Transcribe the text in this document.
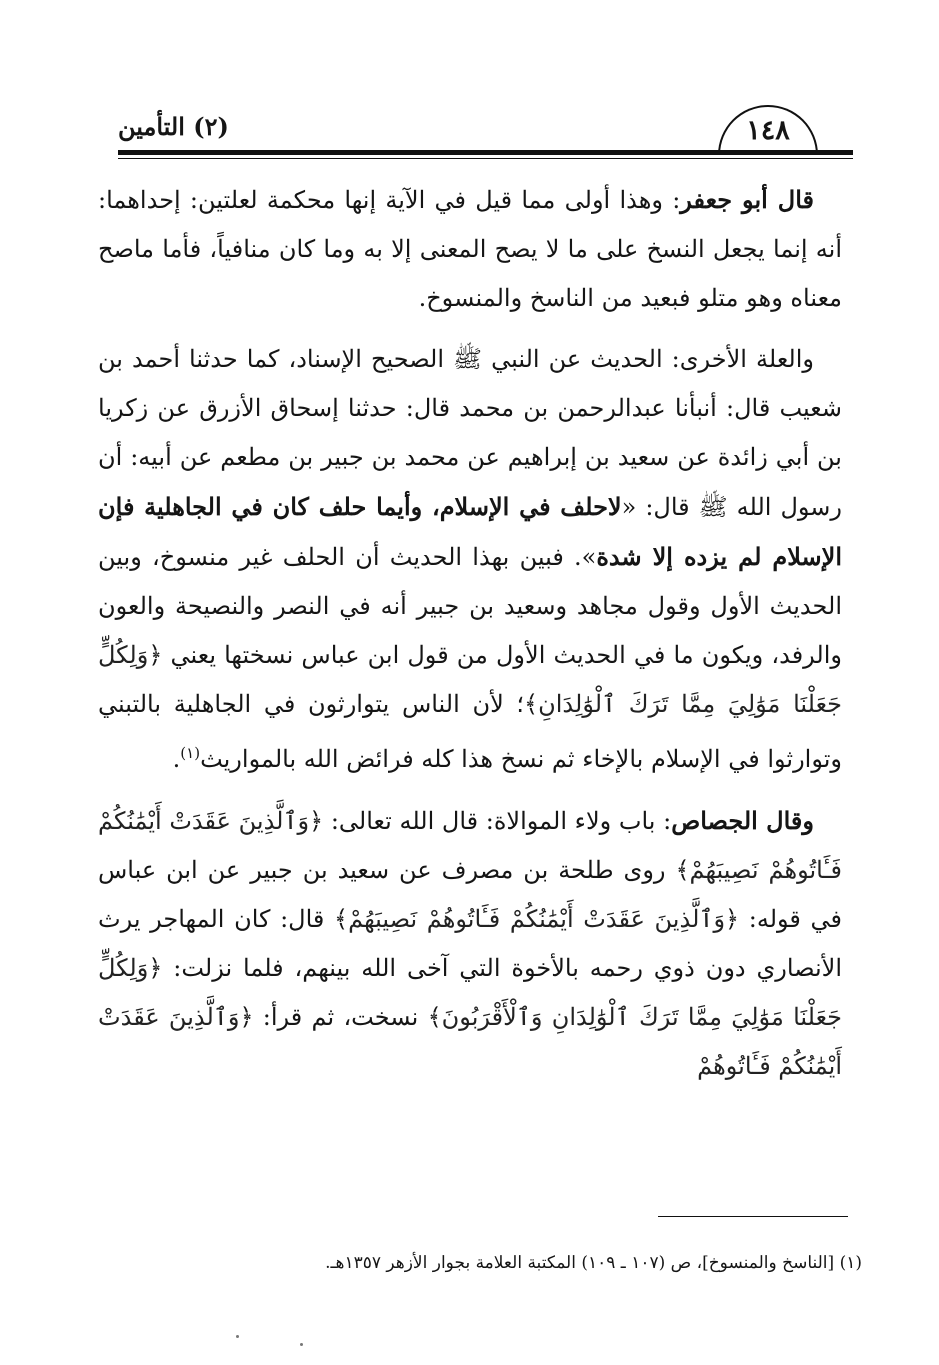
١٤٨
(٢) التأمين

قال أبو جعفر: وهذا أولى مما قيل في الآية إنها محكمة لعلتين: إحداهما: أنه إنما يجعل النسخ على ما لا يصح المعنى إلا به وما كان منافياً، فأما ماصح معناه وهو متلو فبعيد من الناسخ والمنسوخ.

والعلة الأخرى: الحديث عن النبي ﷺ الصحيح الإسناد، كما حدثنا أحمد بن شعيب قال: أنبأنا عبدالرحمن بن محمد قال: حدثنا إسحاق الأزرق عن زكريا بن أبي زائدة عن سعيد بن إبراهيم عن محمد بن جبير بن مطعم عن أبيه: أن رسول الله ﷺ قال: «لاحلف في الإسلام، وأيما حلف كان في الجاهلية فإن الإسلام لم يزده إلا شدة». فبين بهذا الحديث أن الحلف غير منسوخ، وبين الحديث الأول وقول مجاهد وسعيد بن جبير أنه في النصر والنصيحة والعون والرفد، ويكون ما في الحديث الأول من قول ابن عباس نسختها يعني ﴿وَلِكُلٍّ جَعَلْنَا مَوَٰلِيَ مِمَّا تَرَكَ ٱلْوَٰلِدَانِ﴾؛ لأن الناس يتوارثون في الجاهلية بالتبني وتوارثوا في الإسلام بالإخاء ثم نسخ هذا كله فرائض الله بالمواريث$^{(١)}$.

وقال الجصاص: باب ولاء الموالاة: قال الله تعالى: ﴿وَٱلَّذِينَ عَقَدَتْ أَيْمَٰنُكُمْ فَـَٔاتُوهُمْ نَصِيبَهُمْ﴾ روى طلحة بن مصرف عن سعيد بن جبير عن ابن عباس في قوله: ﴿وَٱلَّذِينَ عَقَدَتْ أَيْمَٰنُكُمْ فَـَٔاتُوهُمْ نَصِيبَهُمْ﴾ قال: كان المهاجر يرث الأنصاري دون ذوي رحمه بالأخوة التي آخى الله بينهم، فلما نزلت: ﴿وَلِكُلٍّ جَعَلْنَا مَوَٰلِيَ مِمَّا تَرَكَ ٱلْوَٰلِدَانِ وَٱلْأَقْرَبُونَ﴾ نسخت، ثم قرأ: ﴿وَٱلَّذِينَ عَقَدَتْ أَيْمَٰنُكُمْ فَـَٔاتُوهُمْ

(١) [الناسخ والمنسوخ]، ص (١٠٧ ـ ١٠٩) المكتبة العلامة بجوار الأزهر ١٣٥٧هـ.
